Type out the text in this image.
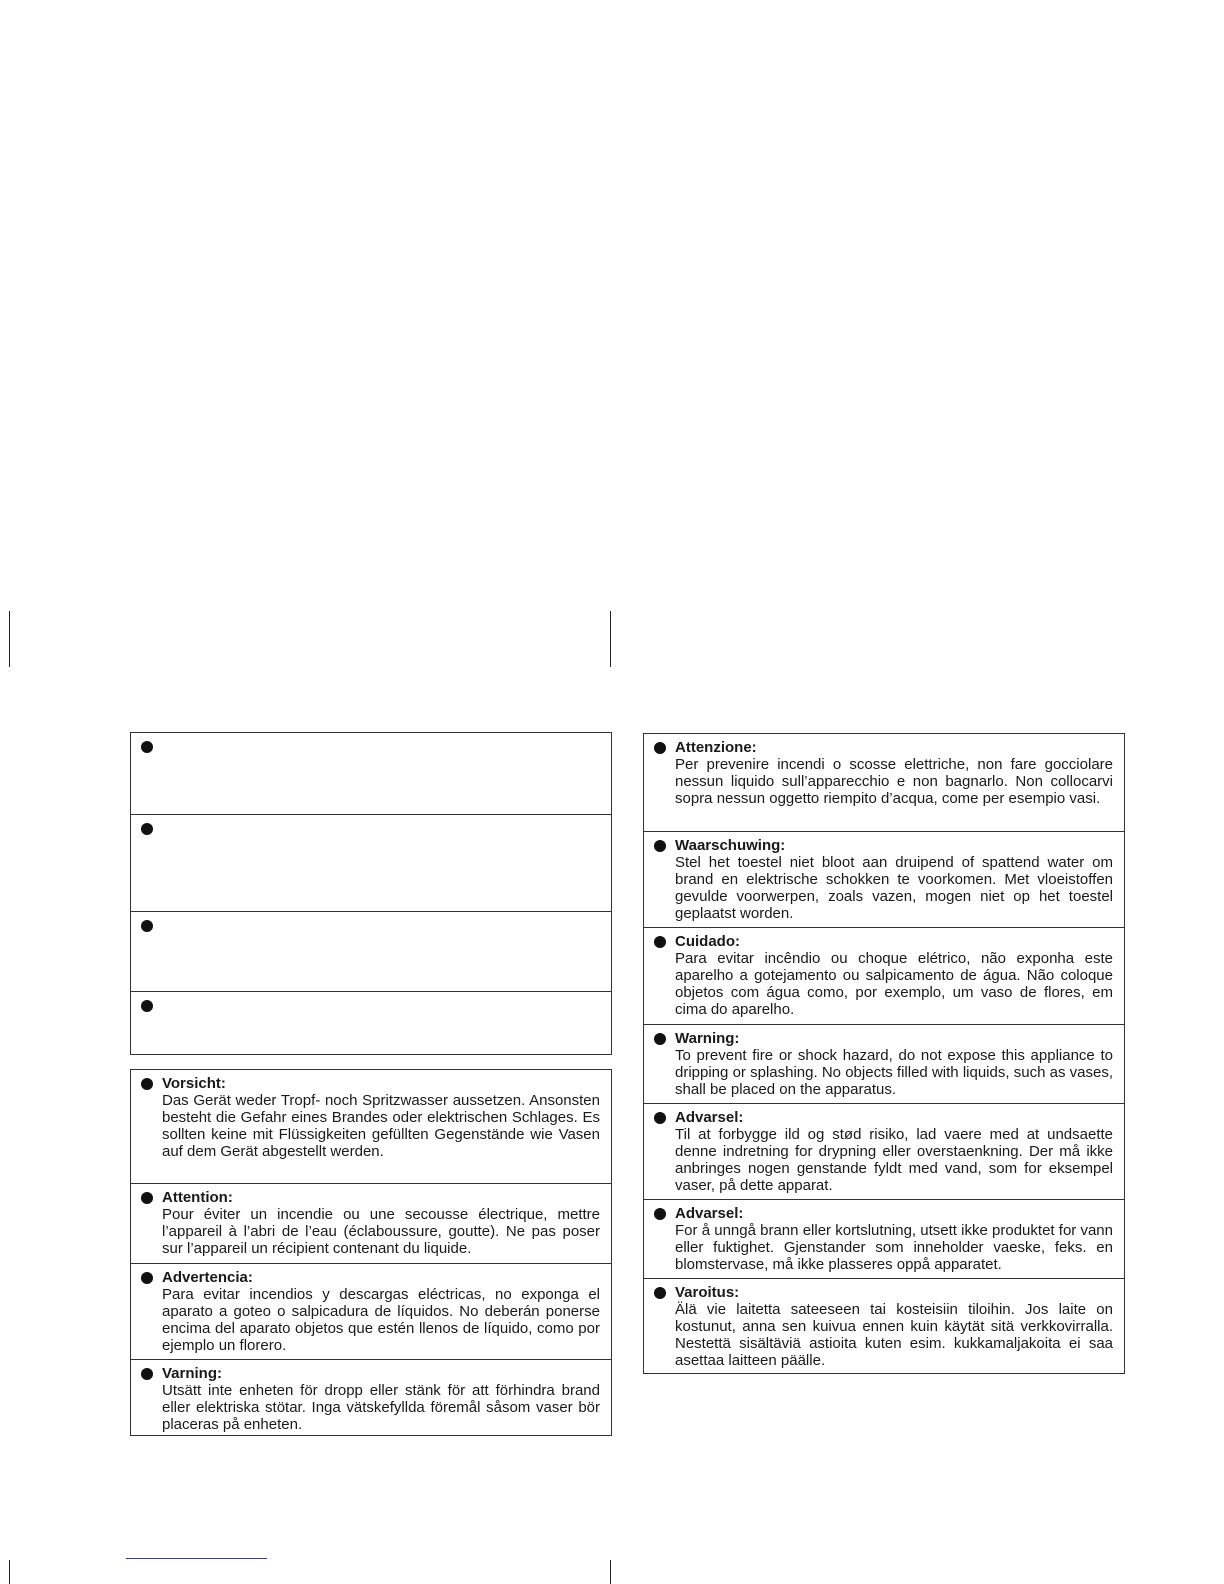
Vorsicht:

Das Gerät weder Tropf- noch Spritzwasser aussetzen. Ansonsten besteht die Gefahr eines Brandes oder elektrischen Schlages. Es sollten keine mit Flüssigkeiten gefüllten Gegenstände wie Vasen auf dem Gerät abgestellt werden.

Attention:

Pour éviter un incendie ou une secousse électrique, mettre l’appareil à l’abri de l’eau (éclaboussure, goutte). Ne pas poser sur l’appareil un récipient contenant du liquide.

Advertencia:

Para evitar incendios y descargas eléctricas, no exponga el aparato a goteo o salpicadura de líquidos. No deberán ponerse encima del aparato objetos que estén llenos de líquido, como por ejemplo un florero.

Varning:

Utsätt inte enheten för dropp eller stänk för att förhindra brand eller elektriska stötar. Inga vätskefyllda föremål såsom vaser bör placeras på enheten.

Attenzione:

Per prevenire incendi o scosse elettriche, non fare gocciolare nessun liquido sull’apparecchio e non bagnarlo. Non collocarvi sopra nessun oggetto riempito d’acqua, come per esempio vasi.

Waarschuwing:

Stel het toestel niet bloot aan druipend of spattend water om brand en elektrische schokken te voorkomen. Met vloeistoffen gevulde voorwerpen, zoals vazen, mogen niet op het toestel geplaatst worden.

Cuidado:

Para evitar incêndio ou choque elétrico, não exponha este aparelho a gotejamento ou salpicamento de água. Não coloque objetos com água como, por exemplo, um vaso de flores, em cima do aparelho.

Warning:

To prevent fire or shock hazard, do not expose this appliance to dripping or splashing. No objects filled with liquids, such as vases, shall be placed on the apparatus.

Advarsel:

Til at forbygge ild og stød risiko, lad vaere med at undsaette denne indretning for drypning eller overstaenkning. Der må ikke anbringes nogen genstande fyldt med vand, som for eksempel vaser, på dette apparat.

Advarsel:

For å unngå brann eller kortslutning, utsett ikke produktet for vann eller fuktighet. Gjenstander som inneholder vaeske, feks. en blomstervase, må ikke plasseres oppå apparatet.

Varoitus:

Älä vie laitetta sateeseen tai kosteisiin tiloihin. Jos laite on kostunut, anna sen kuivua ennen kuin käytät sitä verkkovirralla. Nestettä sisältäviä astioita kuten esim. kukkamaljakoita ei saa asettaa laitteen päälle.
